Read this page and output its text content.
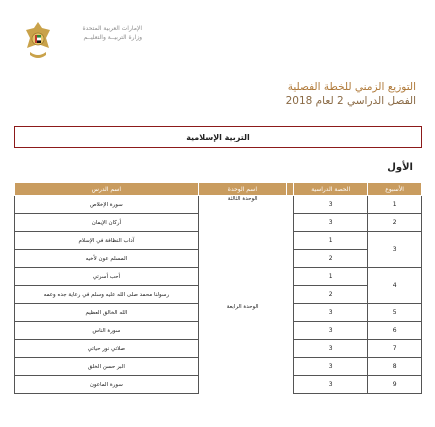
الإمارات العربية المتحدة
وزارة التربيــة والتعليــم
التوزيع الزمني للخطة الفصلية
الفصل الدراسي 2 لعام 2018
التربية الإسلامية
الأول
الأسبوع	الحصة الدراسية		اسم الوحدة	اسم الدرس
1	3		الوحدة الثالثة	سورة الإخلاص
2	3			أركان الإيمان
3	1			آداب النظافة في الإسلام
	2			المسلم عون لأخيه
4	1			أحب أسرتي
	2			رسولنا محمد صلى الله عليه وسلم في رعاية جده وعمه
5	3		الوحدة الرابعة	الله الخالق العظيم
6	3			سورة الناس
7	3			صلاتي نور حياتي
8	3			البر حسن الخلق
9	3			سورة الماعون
